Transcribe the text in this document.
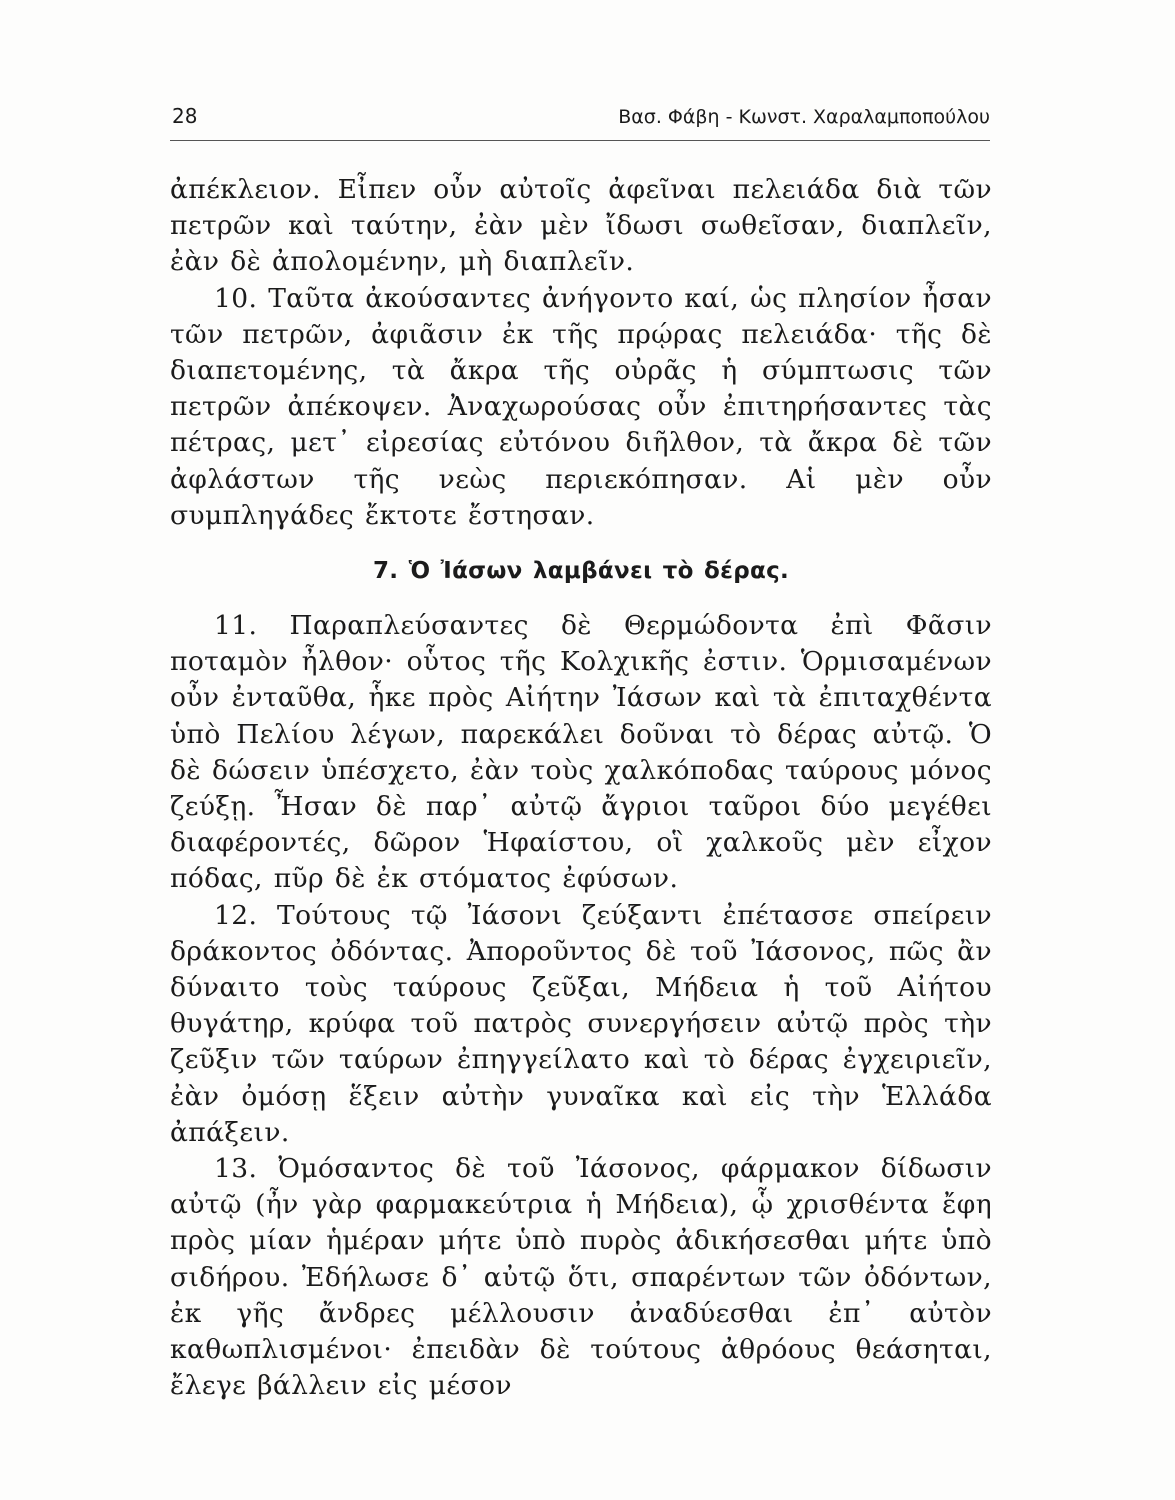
28	Βασ. Φάβη - Κωνστ. Χαραλαμποπούλου

ἀπέκλειον. Εἶπεν οὖν αὐτοῖς ἀφεῖναι πελειάδα διὰ τῶν πετρῶν καὶ ταύτην, ἐὰν μὲν ἴδωσι σωθεῖσαν, διαπλεῖν, ἐὰν δὲ ἀπολομένην, μὴ διαπλεῖν.

10. Ταῦτα ἀκούσαντες ἀνήγοντο καί, ὡς πλησίον ἦσαν τῶν πετρῶν, ἀφιᾶσιν ἐκ τῆς πρῴρας πελειάδα· τῆς δὲ διαπετομένης, τὰ ἄκρα τῆς οὐρᾶς ἡ σύμπτωσις τῶν πετρῶν ἀπέκοψεν. Ἀναχωρούσας οὖν ἐπιτηρήσαντες τὰς πέτρας, μετ᾽ εἰρεσίας εὐτόνου διῆλθον, τὰ ἄκρα δὲ τῶν ἀφλάστων τῆς νεὼς περιεκόπησαν. Αἱ μὲν οὖν συμπληγάδες ἔκτοτε ἔστησαν.

7. Ὁ Ἰάσων λαμβάνει τὸ δέρας.

11. Παραπλεύσαντες δὲ Θερμώδοντα ἐπὶ Φᾶσιν ποταμὸν ἦλθον· οὗτος τῆς Κολχικῆς ἐστιν. Ὁρμισαμένων οὖν ἐνταῦθα, ἧκε πρὸς Αἰήτην Ἰάσων καὶ τὰ ἐπιταχθέντα ὑπὸ Πελίου λέγων, παρεκάλει δοῦναι τὸ δέρας αὐτῷ. Ὁ δὲ δώσειν ὑπέσχετο, ἐὰν τοὺς χαλκόποδας ταύρους μόνος ζεύξῃ. Ἦσαν δὲ παρ᾽ αὐτῷ ἄγριοι ταῦροι δύο μεγέθει διαφέροντές, δῶρον Ἡφαίστου, οἳ χαλκοῦς μὲν εἶχον πόδας, πῦρ δὲ ἐκ στόματος ἐφύσων.

12. Τούτους τῷ Ἰάσονι ζεύξαντι ἐπέτασσε σπείρειν δράκοντος ὀδόντας. Ἀποροῦντος δὲ τοῦ Ἰάσονος, πῶς ἂν δύναιτο τοὺς ταύρους ζεῦξαι, Μήδεια ἡ τοῦ Αἰήτου θυγάτηρ, κρύφα τοῦ πατρὸς συνεργήσειν αὐτῷ πρὸς τὴν ζεῦξιν τῶν ταύρων ἐπηγγείλατο καὶ τὸ δέρας ἐγχειριεῖν, ἐὰν ὀμόσῃ ἕξειν αὐτὴν γυναῖκα καὶ εἰς τὴν Ἑλλάδα ἀπάξειν.

13. Ὀμόσαντος δὲ τοῦ Ἰάσονος, φάρμακον δίδωσιν αὐτῷ (ἦν γὰρ φαρμακεύτρια ἡ Μήδεια), ᾧ χρισθέντα ἔφη πρὸς μίαν ἡμέραν μήτε ὑπὸ πυρὸς ἀδικήσεσθαι μήτε ὑπὸ σιδήρου. Ἐδήλωσε δ᾽ αὐτῷ ὅτι, σπαρέντων τῶν ὀδόντων, ἐκ γῆς ἄνδρες μέλλουσιν ἀναδύεσθαι ἐπ᾽ αὐτὸν καθωπλισμένοι· ἐπειδὰν δὲ τούτους ἀθρόους θεάσηται, ἔλεγε βάλλειν εἰς μέσον
